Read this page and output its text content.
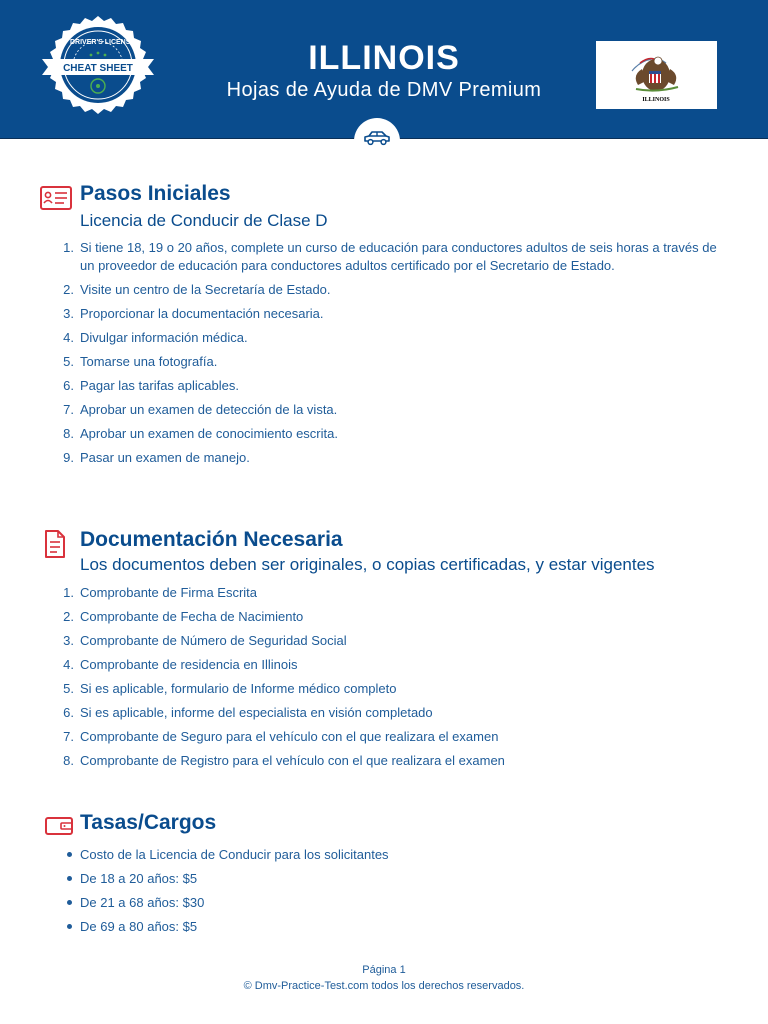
DRIVER'S LICENSE
CHEAT SHEET	ILLINOIS
Hojas de Ayuda de DMV Premium	ILLINOIS
Pasos Iniciales
Licencia de Conducir de Clase D
1. Si tiene 18, 19 o 20 años, complete un curso de educación para conductores adultos de seis horas a través de un proveedor de educación para conductores adultos certificado por el Secretario de Estado.
2. Visite un centro de la Secretaría de Estado.
3. Proporcionar la documentación necesaria.
4. Divulgar información médica.
5. Tomarse una fotografía.
6. Pagar las tarifas aplicables.
7. Aprobar un examen de detección de la vista.
8. Aprobar un examen de conocimiento escrita.
9. Pasar un examen de manejo.
Documentación Necesaria
Los documentos deben ser originales, o copias certificadas, y estar vigentes
1. Comprobante de Firma Escrita
2. Comprobante de Fecha de Nacimiento
3. Comprobante de Número de Seguridad Social
4. Comprobante de residencia en Illinois
5. Si es aplicable, formulario de Informe médico completo
6. Si es aplicable, informe del especialista en visión completado
7. Comprobante de Seguro para el vehículo con el que realizara el examen
8. Comprobante de Registro para el vehículo con el que realizara el examen
Tasas/Cargos
Costo de la Licencia de Conducir para los solicitantes
De 18 a 20 años: $5
De 21 a 68 años: $30
De 69 a 80 años: $5
Página 1
© Dmv-Practice-Test.com todos los derechos reservados.
